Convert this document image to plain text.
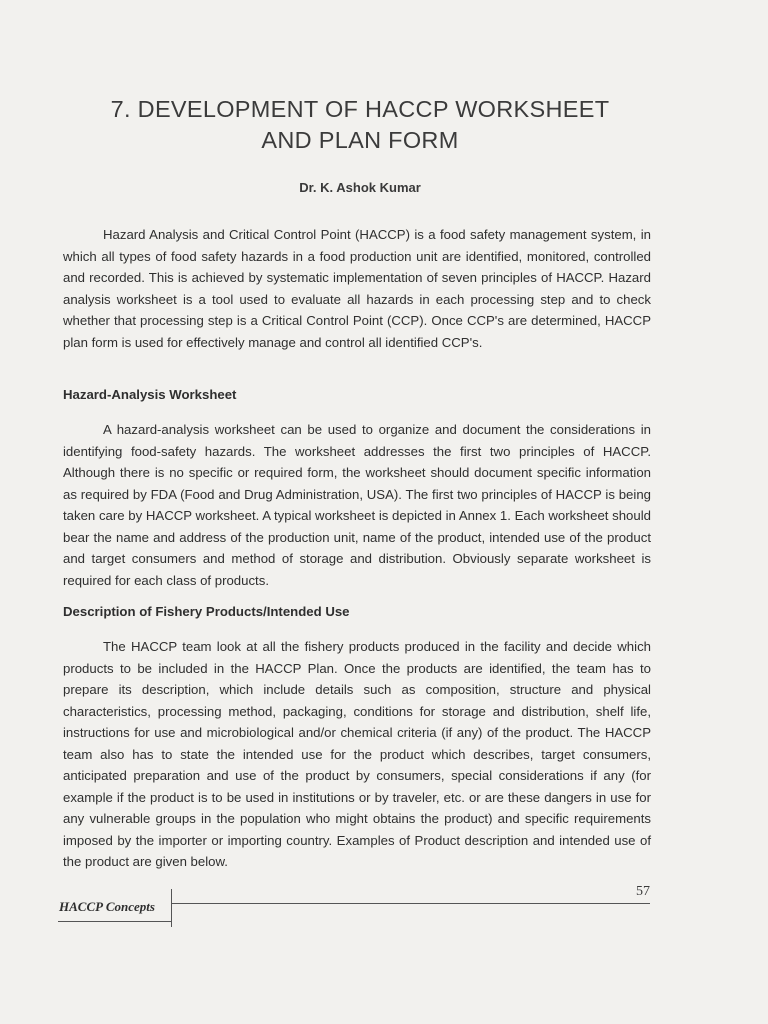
7. DEVELOPMENT OF HACCP WORKSHEET
AND PLAN FORM

Dr. K. Ashok Kumar

Hazard Analysis and Critical Control Point (HACCP) is a food safety management system, in which all types of food safety hazards in a food production unit are identified, monitored, controlled and recorded. This is achieved by systematic implementation of seven principles of HACCP. Hazard analysis worksheet is a tool used to evaluate all hazards in each processing step and to check whether that processing step is a Critical Control Point (CCP). Once CCP's are determined, HACCP plan form is used for effectively manage and control all identified CCP's.

Hazard-Analysis Worksheet

A hazard-analysis worksheet can be used to organize and document the considerations in identifying food-safety hazards. The worksheet addresses the first two principles of HACCP. Although there is no specific or required form, the worksheet should document specific information as required by FDA (Food and Drug Administration, USA). The first two principles of HACCP is being taken care by HACCP worksheet. A typical worksheet is depicted in Annex 1. Each worksheet should bear the name and address of the production unit, name of the product, intended use of the product and target consumers and method of storage and distribution. Obviously separate worksheet is required for each class of products.

Description of Fishery Products/Intended Use

The HACCP team look at all the fishery products produced in the facility and decide which products to be included in the HACCP Plan. Once the products are identified, the team has to prepare its description, which include details such as composition, structure and physical characteristics, processing method, packaging, conditions for storage and distribution, shelf life, instructions for use and microbiological and/or chemical criteria (if any) of the product. The HACCP team also has to state the intended use for the product which describes, target consumers, anticipated preparation and use of the product by consumers, special considerations if any (for example if the product is to be used in institutions or by traveler, etc. or are these dangers in use for any vulnerable groups in the population who might obtains the product) and specific requirements imposed by the importer or importing country. Examples of Product description and intended use of the product are given below.

HACCP Concepts
57
